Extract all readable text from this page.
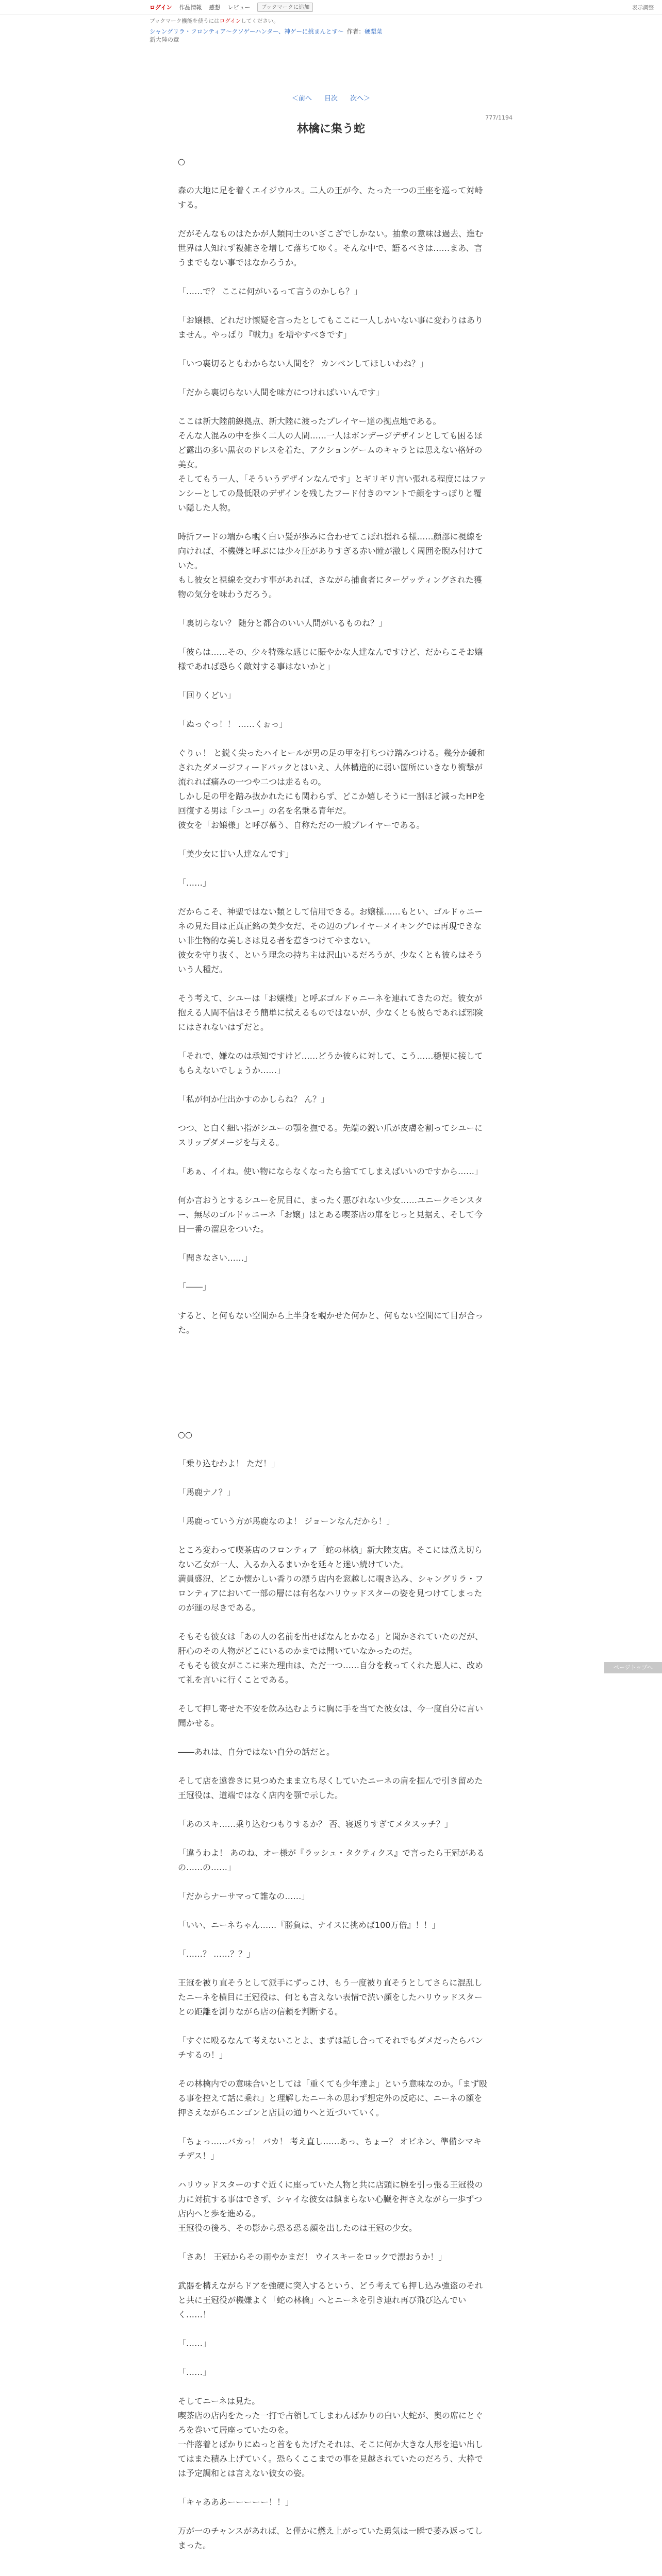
ログイン 作品情報 感想 レビュー	ブックマークに追加	表示調整
ブックマーク機能を使うにはログインしてください。
シャングリラ・フロンティア〜クソゲーハンター、神ゲーに挑まんとす〜 作者：硬梨菜
新大陸の章
＜前へ 目次 次へ＞
777/1194
林檎に集う蛇

○

森の大地に足を着くエイジウルス。二人の王が今、たった一つの王座を巡って対峙する。

だがそんなものはたかが人類同士のいざこざでしかない。抽象の意味は過去、進む世界は人知れず複雑さを増して落ちてゆく。そんな中で、語るべきは……まあ、言うまでもない事ではなかろうか。

「……で？ ここに何がいるって言うのかしら？」

「お嬢様、どれだけ懐疑を言ったとしてもここに一人しかいない事に変わりはありません。やっぱり『戦力』を増やすべきです」

「いつ裏切るともわからない人間を？ カンベンしてほしいわね？」

「だから裏切らない人間を味方につければいいんです」

ここは新大陸前線拠点、新大陸に渡ったプレイヤー達の拠点地である。

そんな人混みの中を歩く二人の人間……一人はボンデージデザインとしても困るほど露出の多い黒衣のドレスを着た、アクションゲームのキャラとは思えない格好の美女。

そしてもう一人、「そういうデザインなんです」とギリギリ言い張れる程度にはファンシーとしての最低限のデザインを残したフード付きのマントで顔をすっぽりと覆い隠した人物。

時折フードの端から覗く白い髪が歩みに合わせてこぼれ揺れる様……顔部に視線を向ければ、不機嫌と呼ぶには少々圧がありすぎる赤い瞳が激しく周囲を睨み付けていた。

もし彼女と視線を交わす事があれば、さながら捕食者にターゲッティングされた獲物の気分を味わうだろう。

「裏切らない？ 随分と都合のいい人間がいるものね？」

「彼らは……その、少々特殊な感じに賑やかな人達なんですけど、だからこそお嬢様であれば恐らく敵対する事はないかと」

「回りくどい」

「ぬっぐっ！！ ……くぉっ」

ぐりぃ！ と鋭く尖ったハイヒールが男の足の甲を打ちつけ踏みつける。幾分か緩和されたダメージフィードバックとはいえ、人体構造的に弱い箇所にいきなり衝撃が流れれば痛みの一つや二つは走るもの。

しかし足の甲を踏み抜かれたにも関わらず、どこか嬉しそうに一割ほど減ったHPを回復する男は「シユー」の名を名乗る青年だ。

彼女を「お嬢様」と呼び慕う、自称ただの一般プレイヤーである。

「美少女に甘い人達なんです」

「……」

だからこそ、神聖ではない類として信用できる。お嬢様……もとい、ゴルドゥニーネの見た目は正真正銘の美少女だ、その辺のプレイヤーメイキングでは再現できない非生物的な美しさは見る者を惹きつけてやまない。

彼女を守り抜く、という理念の持ち主は沢山いるだろうが、少なくとも彼らはそういう人種だ。

そう考えて、シユーは「お嬢様」と呼ぶゴルドゥニーネを連れてきたのだ。彼女が抱える人間不信はそう簡単に拭えるものではないが、少なくとも彼らであれば邪険にはされないはずだと。

「それで、嫌なのは承知ですけど……どうか彼らに対して、こう……穏便に接してもらえないでしょうか……」

「私が何か仕出かすのかしらね？ ん？」

つつ、と白く細い指がシユーの顎を撫でる。先端の鋭い爪が皮膚を割ってシユーにスリップダメージを与える。

「あぁ、イイね。使い物にならなくなったら捨ててしまえばいいのですから……」

何か言おうとするシユーを尻目に、まったく悪びれない少女……ユニークモンスター、無尽のゴルドゥニーネ「お嬢」はとある喫茶店の扉をじっと見据え、そして今日一番の溜息をついた。

「聞きなさい……」

「――」

すると、と何もない空間から上半身を覗かせた何かと、何もない空間にて目が合った。

○○

「乗り込むわよ！ ただ！」

「馬鹿ナノ？」

「馬鹿っていう方が馬鹿なのよ！ ジョーンなんだから！」

ところ変わって喫茶店のフロンティア「蛇の林檎」新大陸支店。そこには煮え切らない乙女が一人、入るか入るまいかを延々と迷い続けていた。

満員盛況、どこか懐かしい香りの漂う店内を窓越しに覗き込み、シャングリラ・フロンティアにおいて一部の層には有名なハリウッドスターの姿を見つけてしまったのが運の尽きである。

そもそも彼女は「あの人の名前を出せばなんとかなる」と聞かされていたのだが、肝心のその人物がどこにいるのかまでは聞いていなかったのだ。

そもそも彼女がここに来た理由は、ただ一つ……自分を救ってくれた恩人に、改めて礼を言いに行くことである。

そして押し寄せた不安を飲み込むように胸に手を当てた彼女は、今一度自分に言い聞かせる。

――あれは、自分ではない自分の話だと。

そして店を遠巻きに見つめたまま立ち尽くしていたニーネの肩を掴んで引き留めた王冠役は、道端ではなく店内を顎で示した。

「あのスキ……乗り込むつもりするか？ 否、寝返りすぎてメタスッチ？」

「違うわよ！ あのね、オー様が『ラッシュ・タクティクス』で言ったら王冠があるの……の……」

「だからナーサマって誰なの……」

「いい、ニーネちゃん……『勝負は、ナイスに挑めば100万倍』！！」

「……？ ……？？」

王冠を被り直そうとして派手にずっこけ、もう一度被り直そうとしてさらに混乱したニーネを横目に王冠役は、何とも言えない表情で渋い顔をしたハリウッドスターとの距離を測りながら店の信頼を判断する。

「すぐに殴るなんて考えないことよ、まずは話し合ってそれでもダメだったらパンチするの！」

その林檎内での意味合いとしては「重くても少年達よ」という意味なのか。「まず殴る事を控えて話に乗れ」と理解したニーネの思わず想定外の反応に、ニーネの額を押さえながらエンゴンと店員の通りへと近づいていく。

「ちょっ……バカっ！ バカ！ 考え直し……あっ、ちょー？ オビネン、準備シマキチデス！」

ハリウッドスターのすぐ近くに座っていた人物と共に店頭に腕を引っ張る王冠役の力に対抗する事はできず、シャイな彼女は鎮まらない心臓を押さえながら一歩ずつ店内へと歩を進める。

王冠役の後ろ、その影から恐る恐る顔を出したのは王冠の少女。

「さあ！ 王冠からその雨やかまだ！ ウイスキーをロックで漂おうか！」

武器を構えながらドアを強硬に突入するという、どう考えても押し込み強盗のそれと共に王冠役が機嫌よく「蛇の林檎」へとニーネを引き連れ再び飛び込んでいく……！

「……」

「……」

そしてニーネは見た。

喫茶店の店内をたった一打で占領してしまわんばかりの白い大蛇が、奥の席にとぐろを巻いて居座っていたのを。

一件落着とばかりにぬっと首をもたげたそれは、そこに何か大きな人形を追い出してはまた積み上げていく。恐らくここまでの事を見越されていたのだろう、大枠では予定調和とは言えない彼女の姿。

「キャあああーーーーー！！」

万が一のチャンスがあれば、と僅かに燃え上がっていた勇気は一瞬で萎み返ってしまった。

ページトップへ
